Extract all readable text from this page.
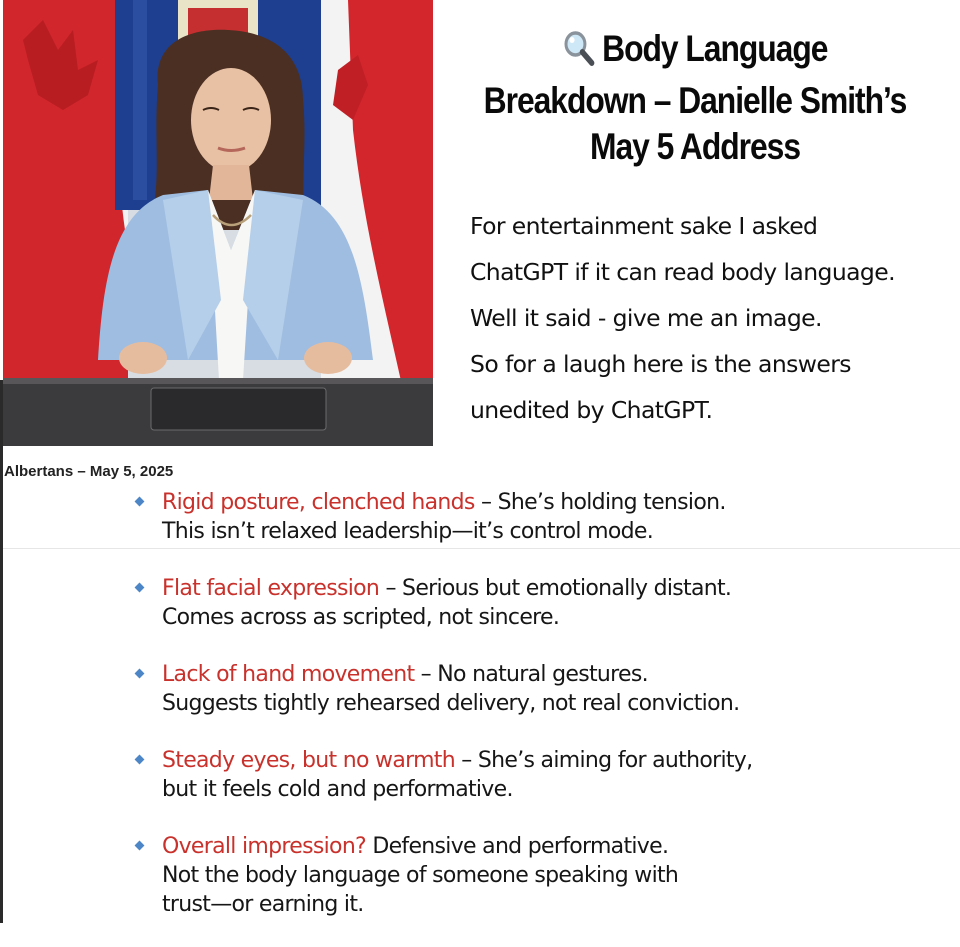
Body Language
Breakdown – Danielle Smith’s
May 5 Address
For entertainment sake I asked
ChatGPT if it can read body language.
Well it said - give me an image.
So for a laugh here is the answers
unedited by ChatGPT.
Albertans – May 5, 2025
Rigid posture, clenched hands – She’s holding tension.
This isn’t relaxed leadership—it’s control mode.
Flat facial expression – Serious but emotionally distant.
Comes across as scripted, not sincere.
Lack of hand movement – No natural gestures.
Suggests tightly rehearsed delivery, not real conviction.
Steady eyes, but no warmth – She’s aiming for authority,
but it feels cold and performative.
Overall impression? Defensive and performative.
Not the body language of someone speaking with
trust—or earning it.
